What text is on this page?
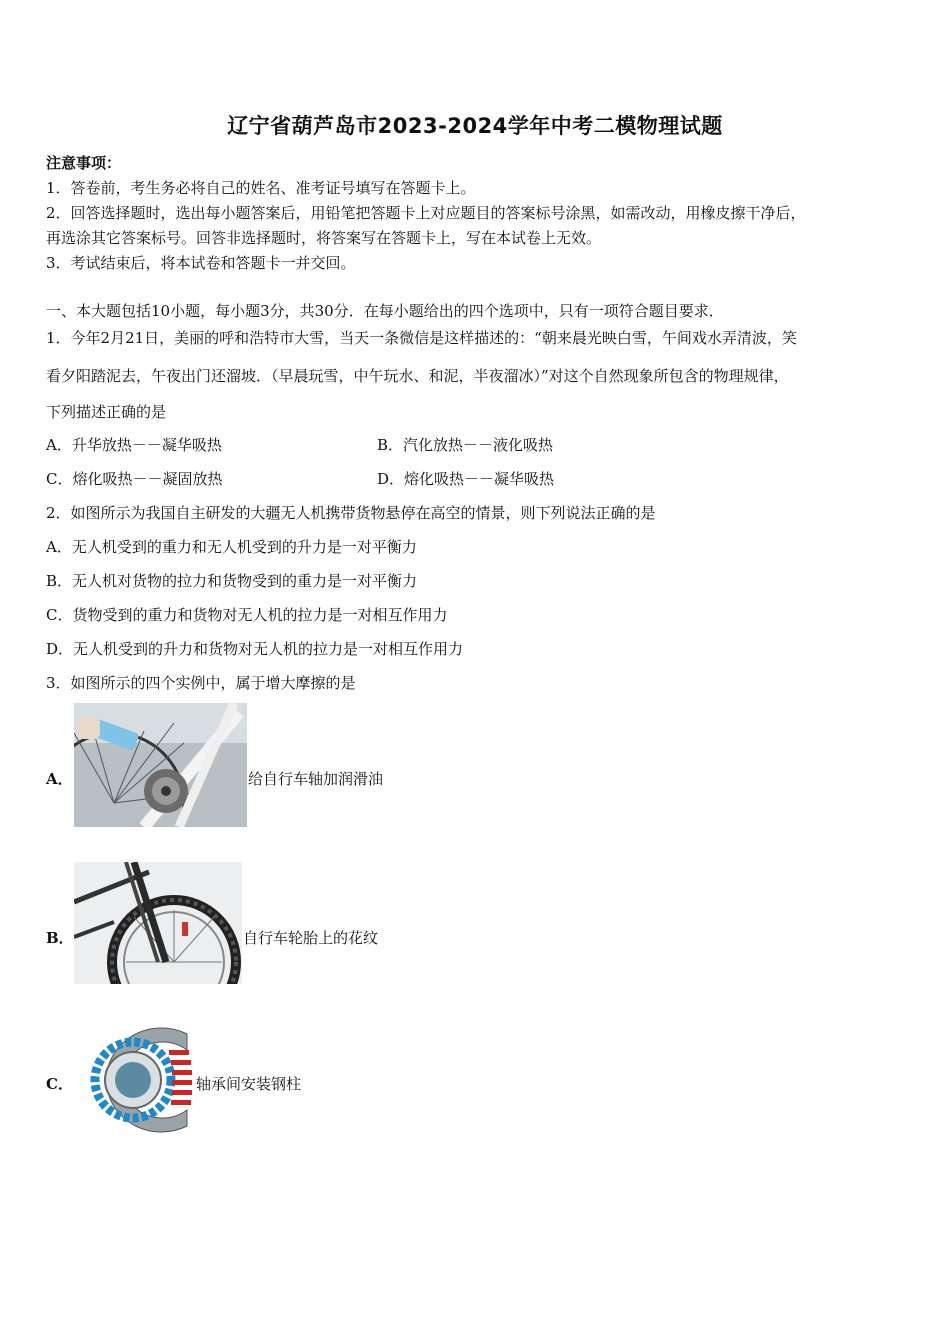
辽宁省葫芦岛市2023-2024学年中考二模物理试题
注意事项：
1．答卷前，考生务必将自己的姓名、准考证号填写在答题卡上。
2．回答选择题时，选出每小题答案后，用铅笔把答题卡上对应题目的答案标号涂黑，如需改动，用橡皮擦干净后，
再选涂其它答案标号。回答非选择题时，将答案写在答题卡上，写在本试卷上无效。
3．考试结束后，将本试卷和答题卡一并交回。
一、本大题包括10小题，每小题3分，共30分．在每小题给出的四个选项中，只有一项符合题目要求．
1．今年2月21日，美丽的呼和浩特市大雪，当天一条微信是这样描述的：“朝来晨光映白雪，午间戏水弄清波，笑
看夕阳踏泥去，午夜出门还溜坡．（早晨玩雪，中午玩水、和泥，半夜溜冰）”对这个自然现象所包含的物理规律，
下列描述正确的是
A．升华放热－－凝华吸热	B．汽化放热－－液化吸热
C．熔化吸热－－凝固放热	D．熔化吸热－－凝华吸热
2．如图所示为我国自主研发的大疆无人机携带货物悬停在高空的情景，则下列说法正确的是
A．无人机受到的重力和无人机受到的升力是一对平衡力
B．无人机对货物的拉力和货物受到的重力是一对平衡力
C．货物受到的重力和货物对无人机的拉力是一对相互作用力
D．无人机受到的升力和货物对无人机的拉力是一对相互作用力
3．如图所示的四个实例中，属于增大摩擦的是
A．	给自行车轴加润滑油
B．	自行车轮胎上的花纹
C．	轴承间安装钢柱
